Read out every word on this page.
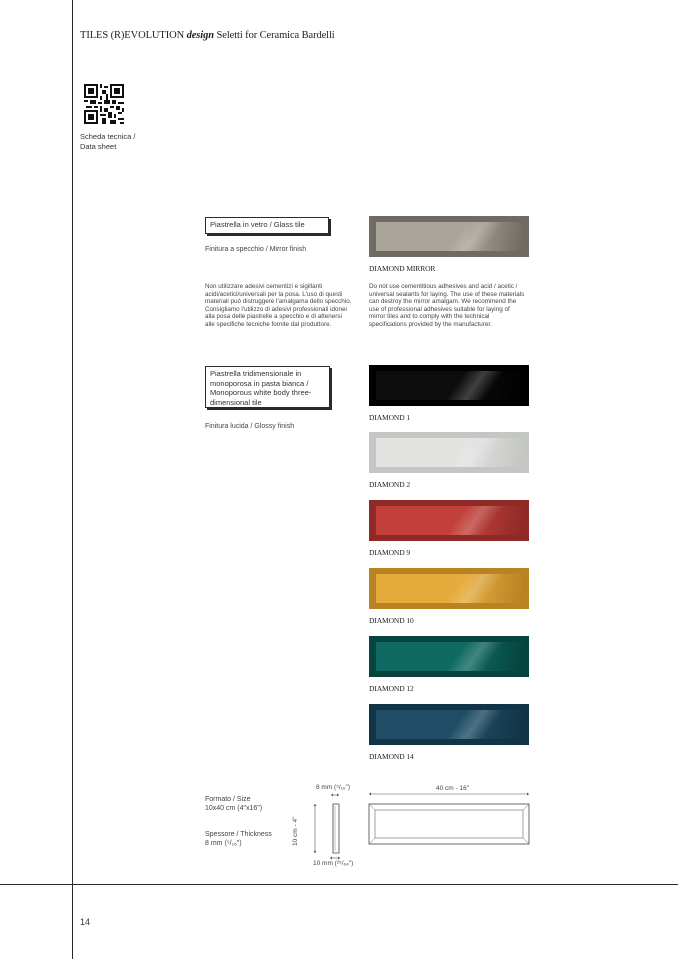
TILES (R)EVOLUTION design Seletti for Ceramica Bardelli
Scheda tecnica /
Data sheet
Piastrella in vetro / Glass tile
Finitura a specchio / Mirror finish
Non utilizzare adesivi cementizi e sigillanti acidi/acetici/universali per la posa. L'uso di questi materiali può distruggere l'amalgama dello specchio. Consigliamo l'utilizzo di adesivi professionali idonei alla posa delle piastrelle a specchio e di attenersi alle specifiche tecniche fornite dal produttore.
Do not use cementitious adhesives and acid / acetic / universal sealants for laying. The use of these materials can destroy the mirror amalgam. We recommend the use of professional adhesives suitable for laying of mirror tiles and to comply with the technical specifications provided by the manufacturer.
DIAMOND MIRROR
Piastrella tridimensionale in monoporosa in pasta bianca / Monoporous white body three-dimensional tile
Finitura lucida / Glossy finish
DIAMOND 1
DIAMOND 2
DIAMOND 9
DIAMOND 10
DIAMOND 12
DIAMOND 14
Formato / Size
10x40 cm (4"x16")
Spessore / Thickness
8 mm (⁵/₁₆")
8 mm (⁵/₁₆")
10 cm - 4"
10 mm (²⁵/₆₄")
40 cm - 16"
14
